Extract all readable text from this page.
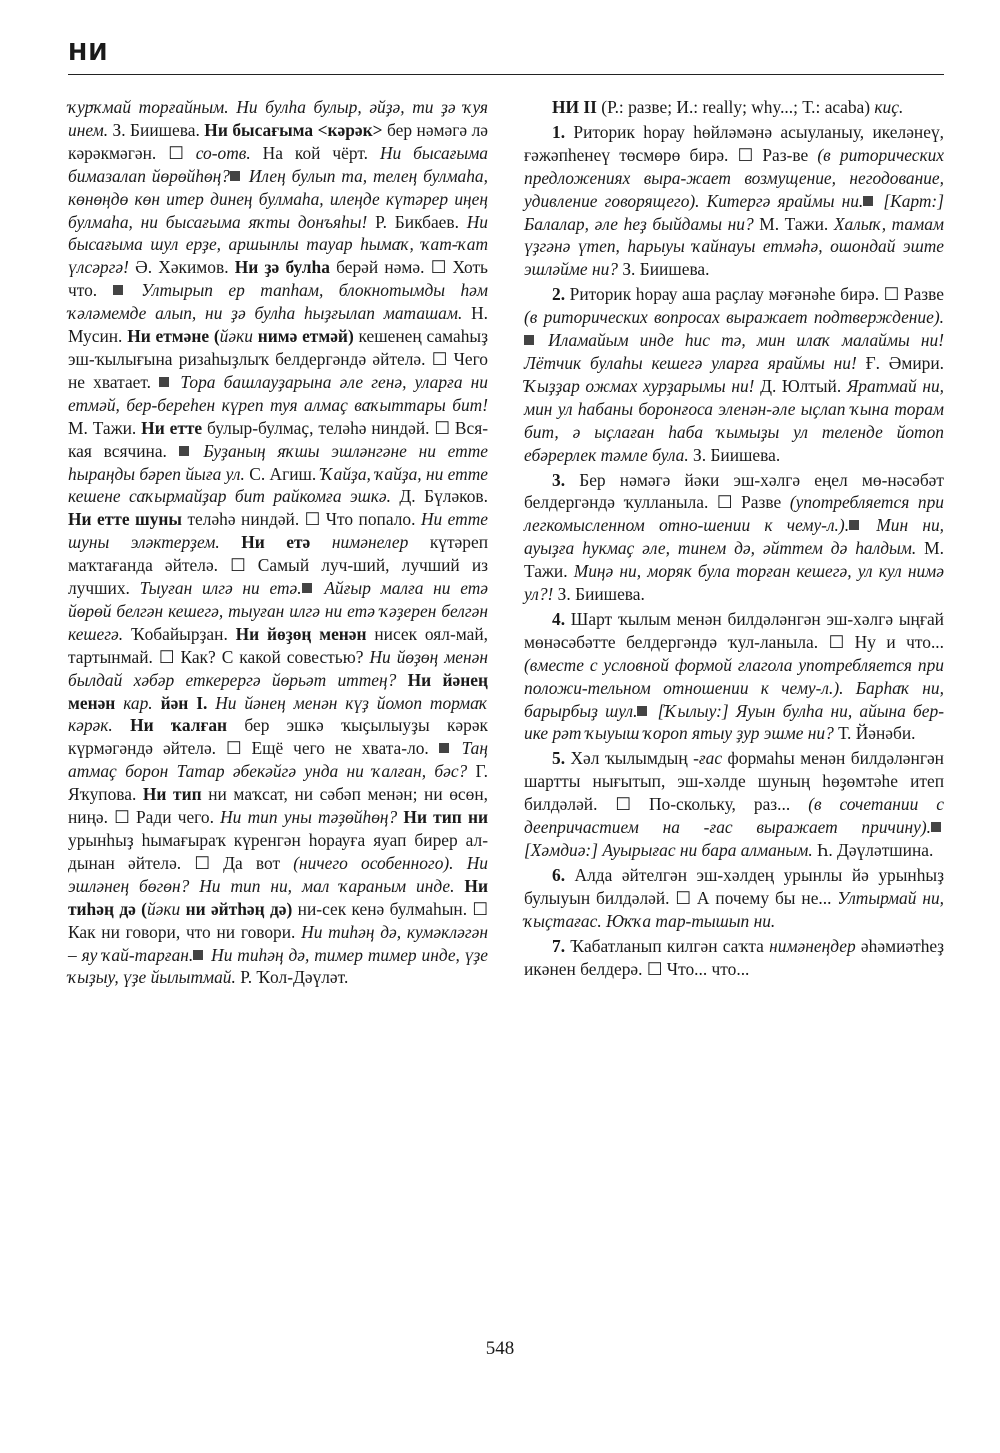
НИ

ҡурҡмай торғайным. Ни булһа булыр, әйҙә, ти ҙә ҡуя инем. З. Биишева. Ни бысағыма <кәрәк> бер нәмәгә лә кәрәкмәгән. ☐ со-отв. На кой чёрт. Ни бысағыма бимазалап йөрөйһөң? Илең булып та, телең булмаһа, көнөңдө көн итер динең булмаһа, илеңде күтәрер иңең булмаһа, ни бысағыма яҡты донъяһы! Р. Бикбаев. Ни бысағыма шул ерҙе, аршынлы тауар һымаҡ, ҡат-ҡат үлсәргә! Ә. Хәкимов. Ни ҙә булһа берәй нәмә. ☐ Хоть что.  Ултырып ер тапһам, блокнотымды һәм ҡәләмемде алып, ни ҙә булһа һыҙғылап маташам. Н. Мусин. Ни етмәне (йәки нимә етмәй) кешенең самаһыҙ эш-ҡылығына ризаһыҙлыҡ белдергәндә әйтелә. ☐ Чего не хватает.  Тора башлауҙарына әле генә, уларға ни етмәй, бер-береһен күреп туя алмаҫ ваҡыттары бит! М. Тажи. Ни етте булыр-булмаҫ, теләһә ниндәй. ☐ Вся-кая всячина.  Буҙаның яҡшы эшләнгәне ни етте һыраңды бәреп йыға ул. С. Агиш. Ҡайҙа, ҡайҙа, ни етте кешене саҡырмайҙар бит райкомға эшкә. Д. Бүләков. Ни етте шуны теләһә ниндәй. ☐ Что попало. Ни етте шуны эләктерҙем. Ни етә нимәнелер күтәреп маҡтағанда әйтелә. ☐ Самый луч-ший, лучший из лучших. Тыуған илгә ни етә. Айғыр малға ни етә йөрөй белгән кешегә, тыуған илгә ни етә ҡәҙерен белгән кешегә. Ҡобайырҙан. Ни йөҙөң менән нисек оял-май, тартынмай. ☐ Как? С какой совестью? Ни йөҙөң менән былдай хәбәр еткерергә йөрьәт иттең? Ни йәнең менән кар. йән I. Ни йәнең менән күҙ йомоп тормаҡ кәрәк. Ни ҡалған бер эшкә ҡыҫылыуҙы кәрәк күрмәгәндә әйтелә. ☐ Ещё чего не хвата-ло.  Таң атмаҫ борон Татар әбекәйгә унда ни ҡалған, бәс? Г. Яҡупова. Ни тип ни маҡсат, ни сәбәп менән; ни өсөн, ниңә. ☐ Ради чего. Ни тип уны тәҙөйһөң? Ни тип ни урынһыҙ һымағыраҡ күренгән һорауға яуап бирер ал-дынан әйтелә. ☐ Да вот (ничего особенного). Ни эшләнең бөгөн? Ни тип ни, мал ҡараным инде. Ни тиһәң дә (йәки ни әйтһәң дә) ни-сек кенә булмаһын. ☐ Как ни говори, что ни говори. Ни тиһәң дә, кумәкләгән – яу ҡай-тарған. Ни тиһәң дә, тимер тимер инде, үҙе ҡыҙыу, үҙе йылытмай. Р. Ҡол-Дәүләт.

НИ II (Р.: разве; И.: really; why...; Т.: acaba) киҫ.

1. Риторик һорау һөйләмәнә асыуланыу, икеләнеү, ғәжәпһенеү төсмөрө бирә. ☐ Раз-ве (в риторических предложениях выра-жает возмущение, негодование, удивление говорящего). Китергә яраймы ни. [Карт:] Балалар, әле һеҙ быйдамы ни? М. Тажи. Халыҡ, тамам үҙгәнә үтеп, һарыуы ҡайнауы етмәһә, ошондай эште эшләйме ни? З. Биишева.

2. Риторик һорау аша раҫлау мәғәнәһе бирә. ☐ Разве (в риторических вопросах выражает подтверждение). Иламайым инде һис тә, мин илаҡ малаймы ни! Лётчик булаһы кешегә уларға яраймы ни! Ғ. Әмири. Ҡыҙҙар ожмах хурҙарымы ни! Д. Юлтый. Яратмай ни, мин ул һабаны боронғоса эленән-әле ыҫлап ҡына торам бит, ә ыҫлаған һаба ҡымыҙы ул теленде йотоп ебәрерлек тәмле була. З. Биишева.

3. Бер нәмәгә йәки эш-хәлгә еңел мө-нәсәбәт белдергәндә ҡулланыла. ☐ Разве (употребляется при легкомысленном отно-шении к чему-л.). Мин ни, ауыҙға һукмаҫ әле, тинем дә, әйттем дә һалдым. М. Тажи. Миңә ни, моряк була торған кешегә, ул кул нимә ул?! З. Биишева.

4. Шарт ҡылым менән билдәләнгән эш-хәлгә ыңғай мөнәсәбәтте белдергәндә ҡул-ланыла. ☐ Ну и что... (вместе с условной формой глагола употребляется при положи-тельном отношении к чему-л.). Барһаҡ ни, барырбыҙ шул. [Ҡылыу:] Яуын булһа ни, айына бер-ике рәт ҡыуыш ҡороп ятыу ҙур эшме ни? Т. Йәнәби.

5. Хәл ҡылымдың -ғас формаһы менән билдәләнгән шартты нығытып, эш-хәлде шуның һөҙөмтәһе итеп билдәләй. ☐ По-скольку, раз... (в сочетании с деепричастием на -ғас выражает причину). [Хәмдиә:] Ауырығас ни бара алманым. Һ. Дәүләтшина.

6. Алда әйтелгән эш-хәлдең урынлы йә урынһыҙ булыуын билдәләй. ☐ А почему бы не... Ултырмай ни, ҡыҫтағас. Юҡҡа тар-тышып ни.

7. Ҡабатланып килгән саҡта нимәнеңдер әһәмиәтһеҙ икәнен белдерә. ☐ Что... что...

548
